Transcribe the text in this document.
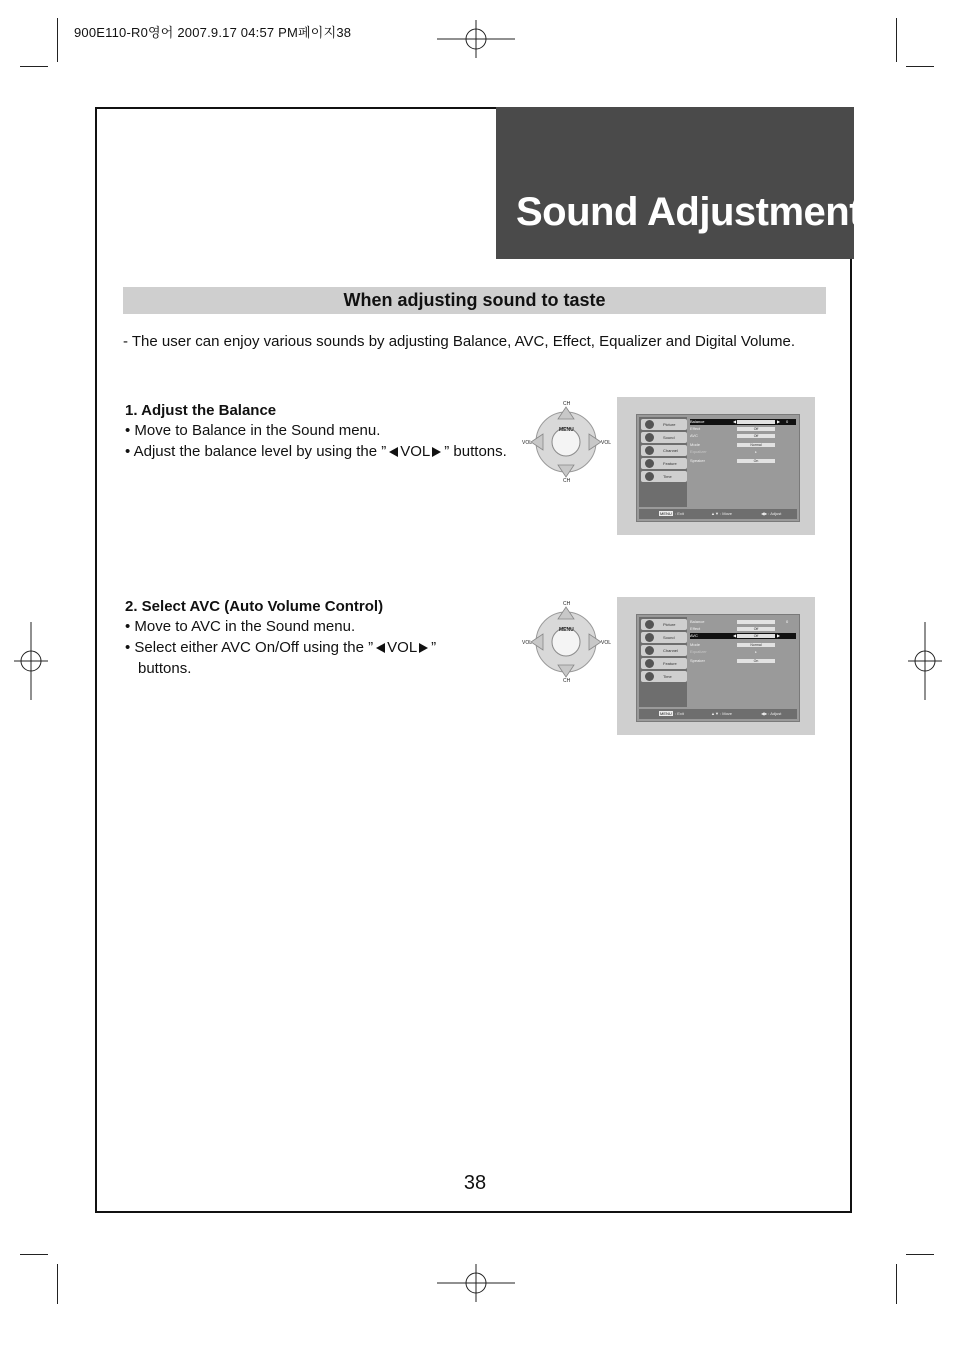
900E110-R0영어 2007.9.17 04:57 PM페이지38
Sound Adjustment
When adjusting sound to taste
- The user can enjoy various sounds by adjusting Balance, AVC, Effect, Equalizer and Digital Volume.
1. Adjust the Balance
• Move to Balance in the Sound menu.
• Adjust the balance level by using the ” VOL ” buttons.
2. Select AVC (Auto Volume Control)
• Move to AVC in the Sound menu.
• Select either AVC On/Off using the ” VOL ”
buttons.
CH
CH
VOL	VOL
MENU
CH
CH
VOL	VOL
MENU
Picture
Sound
Channel
Feature
Time
Balance	◀	▶ 0
Effect	Off
AVC	Off
Mode	Normal
Equalizer	▸
Speaker	On
MENU : Exit	▲▼ : Move	◀▶ : Adjust
Picture
Sound
Channel
Feature
Time
Balance	0
Effect	Off
AVC	◀	Off	▶
Mode	Normal
Equalizer	▸
Speaker	On
MENU : Exit	▲▼ : Move	◀▶ : Adjust
38
